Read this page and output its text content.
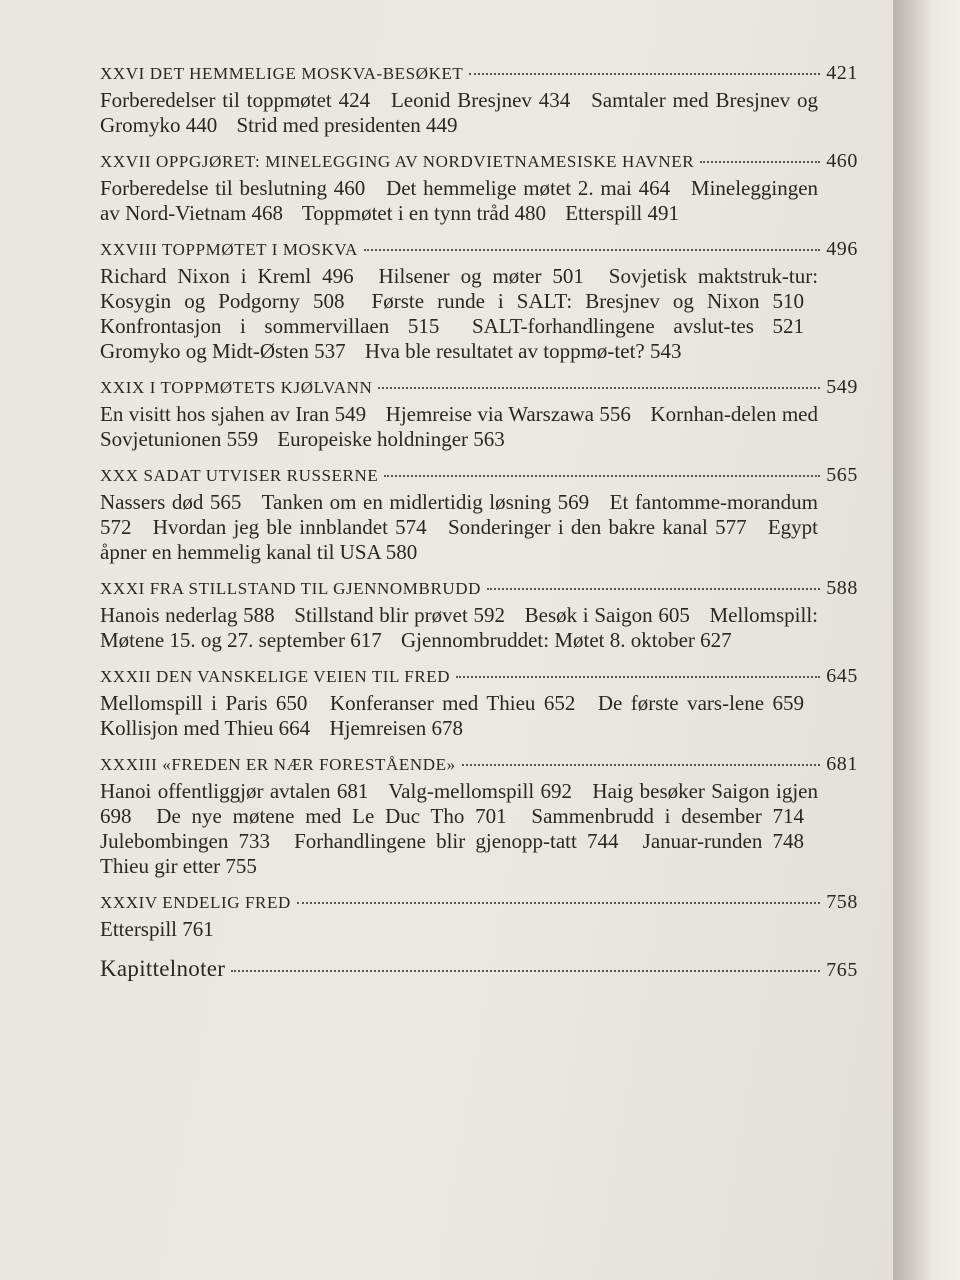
XXVI DET HEMMELIGE MOSKVA-BESØKET	421
Forberedelser til toppmøtet 424 Leonid Bresjnev 434 Samtaler med Bresjnev og Gromyko 440 Strid med presidenten 449
XXVII OPPGJØRET: MINELEGGING AV NORDVIETNAMESISKE HAVNER	460
Forberedelse til beslutning 460 Det hemmelige møtet 2. mai 464 Mineleggingen av Nord-Vietnam 468 Toppmøtet i en tynn tråd 480 Etterspill 491
XXVIII TOPPMØTET I MOSKVA	496
Richard Nixon i Kreml 496 Hilsener og møter 501 Sovjetisk maktstruk-tur: Kosygin og Podgorny 508 Første runde i SALT: Bresjnev og Nixon 510 Konfrontasjon i sommervillaen 515 SALT-forhandlingene avslut-tes 521 Gromyko og Midt-Østen 537 Hva ble resultatet av toppmø-tet? 543
XXIX I TOPPMØTETS KJØLVANN	549
En visitt hos sjahen av Iran 549 Hjemreise via Warszawa 556 Kornhan-delen med Sovjetunionen 559 Europeiske holdninger 563
XXX SADAT UTVISER RUSSERNE	565
Nassers død 565 Tanken om en midlertidig løsning 569 Et fantomme-morandum 572 Hvordan jeg ble innblandet 574 Sonderinger i den bakre kanal 577 Egypt åpner en hemmelig kanal til USA 580
XXXI FRA STILLSTAND TIL GJENNOMBRUDD	588
Hanois nederlag 588 Stillstand blir prøvet 592 Besøk i Saigon 605 Mellomspill: Møtene 15. og 27. september 617 Gjennombruddet: Møtet 8. oktober 627
XXXII DEN VANSKELIGE VEIEN TIL FRED	645
Mellomspill i Paris 650 Konferanser med Thieu 652 De første vars-lene 659 Kollisjon med Thieu 664 Hjemreisen 678
XXXIII «FREDEN ER NÆR FORESTÅENDE»	681
Hanoi offentliggjør avtalen 681 Valg-mellomspill 692 Haig besøker Saigon igjen 698 De nye møtene med Le Duc Tho 701 Sammenbrudd i desember 714 Julebombingen 733 Forhandlingene blir gjenopp-tatt 744 Januar-runden 748 Thieu gir etter 755
XXXIV ENDELIG FRED	758
Etterspill 761
Kapittelnoter	765
